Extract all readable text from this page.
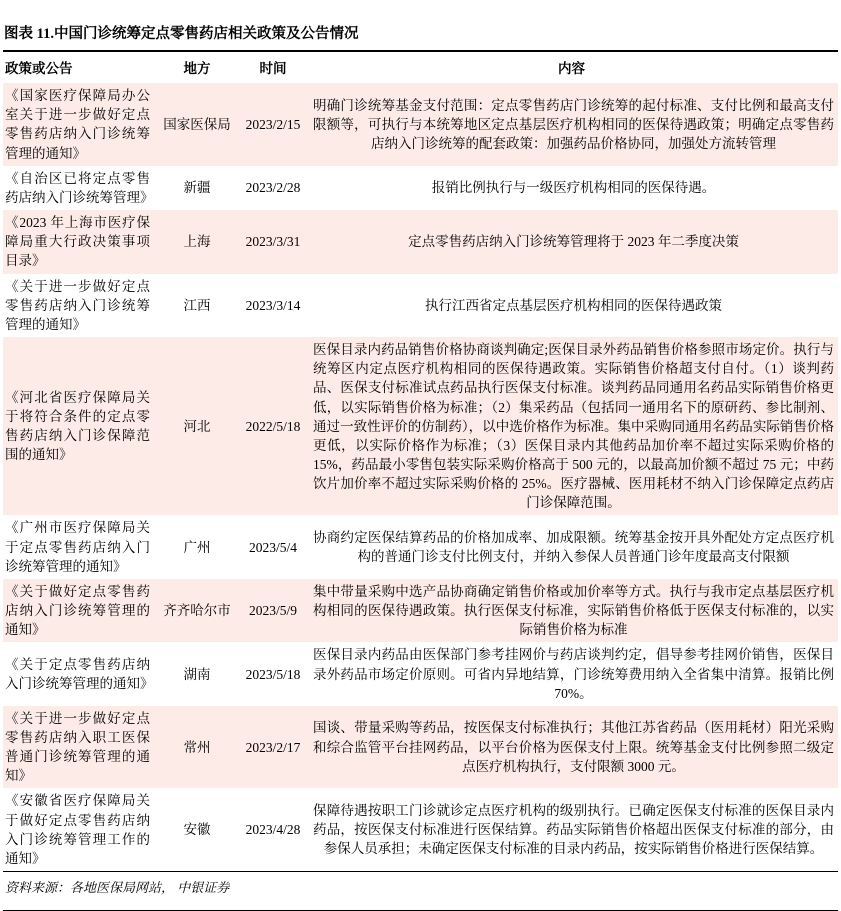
图表 11.中国门诊统筹定点零售药店相关政策及公告情况
政策或公告	地方	时间	内容
《国家医疗保障局办公室关于进一步做好定点零售药店纳入门诊统筹管理的通知》	国家医保局	2023/2/15	明确门诊统筹基金支付范围：定点零售药店门诊统筹的起付标准、支付比例和最高支付限额等，可执行与本统筹地区定点基层医疗机构相同的医保待遇政策；明确定点零售药店纳入门诊统筹的配套政策：加强药品价格协同，加强处方流转管理
《自治区已将定点零售药店纳入门诊统筹管理》	新疆	2023/2/28	报销比例执行与一级医疗机构相同的医保待遇。
《2023 年上海市医疗保障局重大行政决策事项目录》	上海	2023/3/31	定点零售药店纳入门诊统筹管理将于 2023 年二季度决策
《关于进一步做好定点零售药店纳入门诊统筹管理的通知》	江西	2023/3/14	执行江西省定点基层医疗机构相同的医保待遇政策
《河北省医疗保障局关于将符合条件的定点零售药店纳入门诊保障范围的通知》	河北	2022/5/18	医保目录内药品销售价格协商谈判确定;医保目录外药品销售价格参照市场定价。执行与统筹区内定点医疗机构相同的医保待遇政策。实际销售价格超支付自付。（1）谈判药品、医保支付标准试点药品执行医保支付标准。谈判药品同通用名药品实际销售价格更低，以实际销售价格为标准；（2）集采药品（包括同一通用名下的原研药、参比制剂、通过一致性评价的仿制药），以中选价格作为标准。集中采购同通用名药品实际销售价格更低，以实际价格作为标准；（3）医保目录内其他药品加价率不超过实际采购价格的 15%，药品最小零售包装实际采购价格高于 500 元的，以最高加价额不超过 75 元；中药饮片加价率不超过实际采购价格的 25%。医疗器械、医用耗材不纳入门诊保障定点药店门诊保障范围。
《广州市医疗保障局关于定点零售药店纳入门诊统筹管理的通知》	广州	2023/5/4	协商约定医保结算药品的价格加成率、加成限额。统筹基金按开具外配处方定点医疗机构的普通门诊支付比例支付，并纳入参保人员普通门诊年度最高支付限额
《关于做好定点零售药店纳入门诊统筹管理的通知》	齐齐哈尔市	2023/5/9	集中带量采购中选产品协商确定销售价格或加价率等方式。执行与我市定点基层医疗机构相同的医保待遇政策。执行医保支付标准，实际销售价格低于医保支付标准的，以实际销售价格为标准
《关于定点零售药店纳入门诊统筹管理的通知》	湖南	2023/5/18	医保目录内药品由医保部门参考挂网价与药店谈判约定，倡导参考挂网价销售，医保目录外药品市场定价原则。可省内异地结算，门诊统筹费用纳入全省集中清算。报销比例 70%。
《关于进一步做好定点零售药店纳入职工医保普通门诊统筹管理的通知》	常州	2023/2/17	国谈、带量采购等药品，按医保支付标准执行；其他江苏省药品（医用耗材）阳光采购和综合监管平台挂网药品，以平台价格为医保支付上限。统筹基金支付比例参照二级定点医疗机构执行，支付限额 3000 元。
《安徽省医疗保障局关于做好定点零售药店纳入门诊统筹管理工作的通知》	安徽	2023/4/28	保障待遇按职工门诊就诊定点医疗机构的级别执行。已确定医保支付标准的医保目录内药品，按医保支付标准进行医保结算。药品实际销售价格超出医保支付标准的部分，由参保人员承担；未确定医保支付标准的目录内药品，按实际销售价格进行医保结算。
资料来源：各地医保局网站， 中银证券
